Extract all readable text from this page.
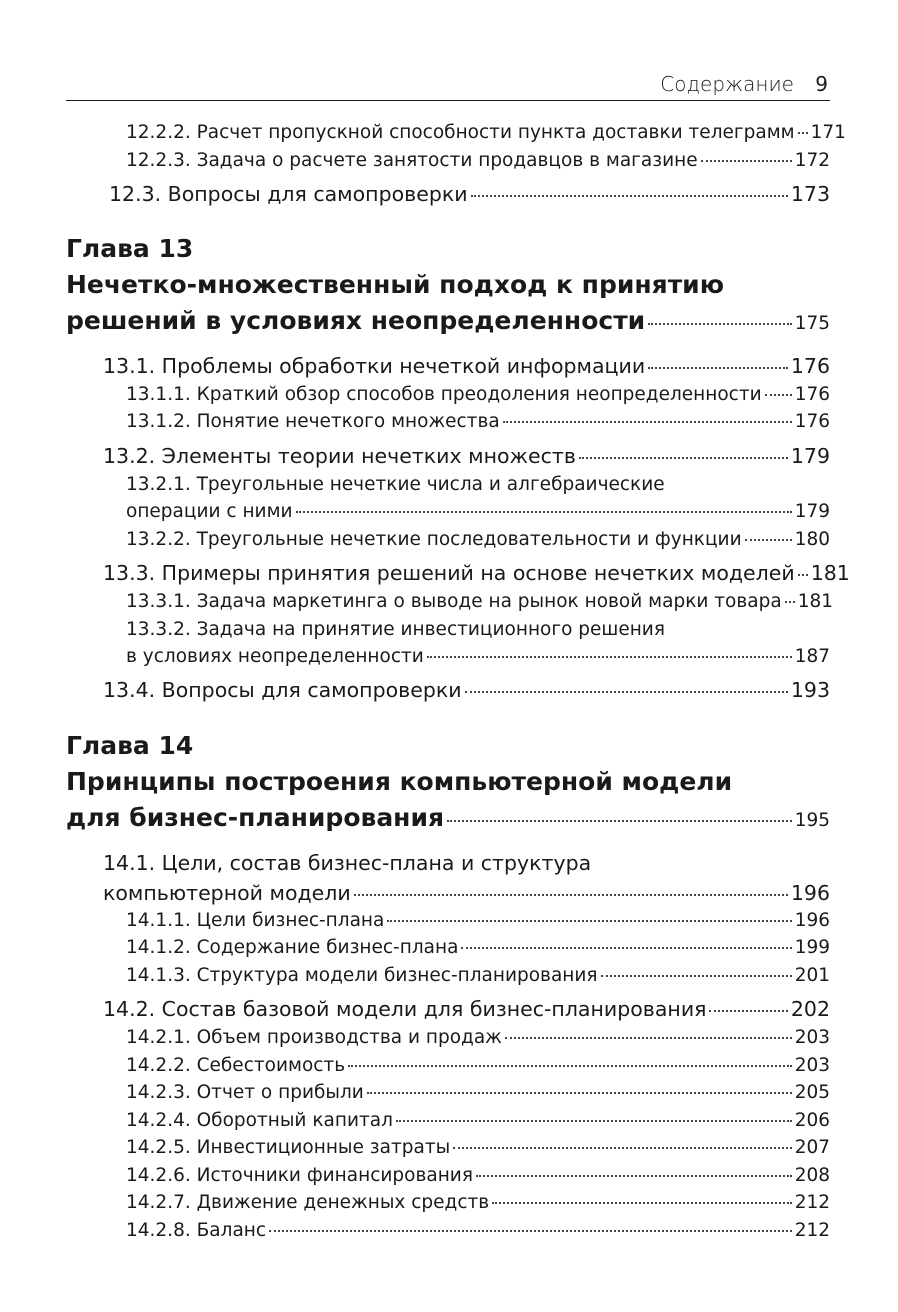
Содержание 9
12.2.2. Расчет пропускной способности пункта доставки телеграмм 171
12.2.3. Задача о расчете занятости продавцов в магазине	172
12.3. Вопросы для самопроверки	173
Глава 13
Нечетко-множественный подход к принятию
решений в условиях неопределенности	175
13.1. Проблемы обработки нечеткой информации	176
13.1.1. Краткий обзор способов преодоления неопределенности 176
13.1.2. Понятие нечеткого множества	176
13.2. Элементы теории нечетких множеств	179
13.2.1. Треугольные нечеткие числа и алгебраические
операции с ними	179
13.2.2. Треугольные нечеткие последовательности и функции	180
13.3. Примеры принятия решений на основе нечетких моделей 181
13.3.1. Задача маркетинга о выводе на рынок новой марки товара 181
13.3.2. Задача на принятие инвестиционного решения
в условиях неопределенности	187
13.4. Вопросы для самопроверки	193
Глава 14
Принципы построения компьютерной модели
для бизнес-планирования	195
14.1. Цели, состав бизнес-плана и структура
компьютерной модели	196
14.1.1. Цели бизнес-плана	196
14.1.2. Содержание бизнес-плана	199
14.1.3. Структура модели бизнес-планирования	201
14.2. Состав базовой модели для бизнес-планирования	202
14.2.1. Объем производства и продаж	203
14.2.2. Себестоимость	203
14.2.3. Отчет о прибыли	205
14.2.4. Оборотный капитал	206
14.2.5. Инвестиционные затраты	207
14.2.6. Источники финансирования	208
14.2.7. Движение денежных средств	212
14.2.8. Баланс	212
